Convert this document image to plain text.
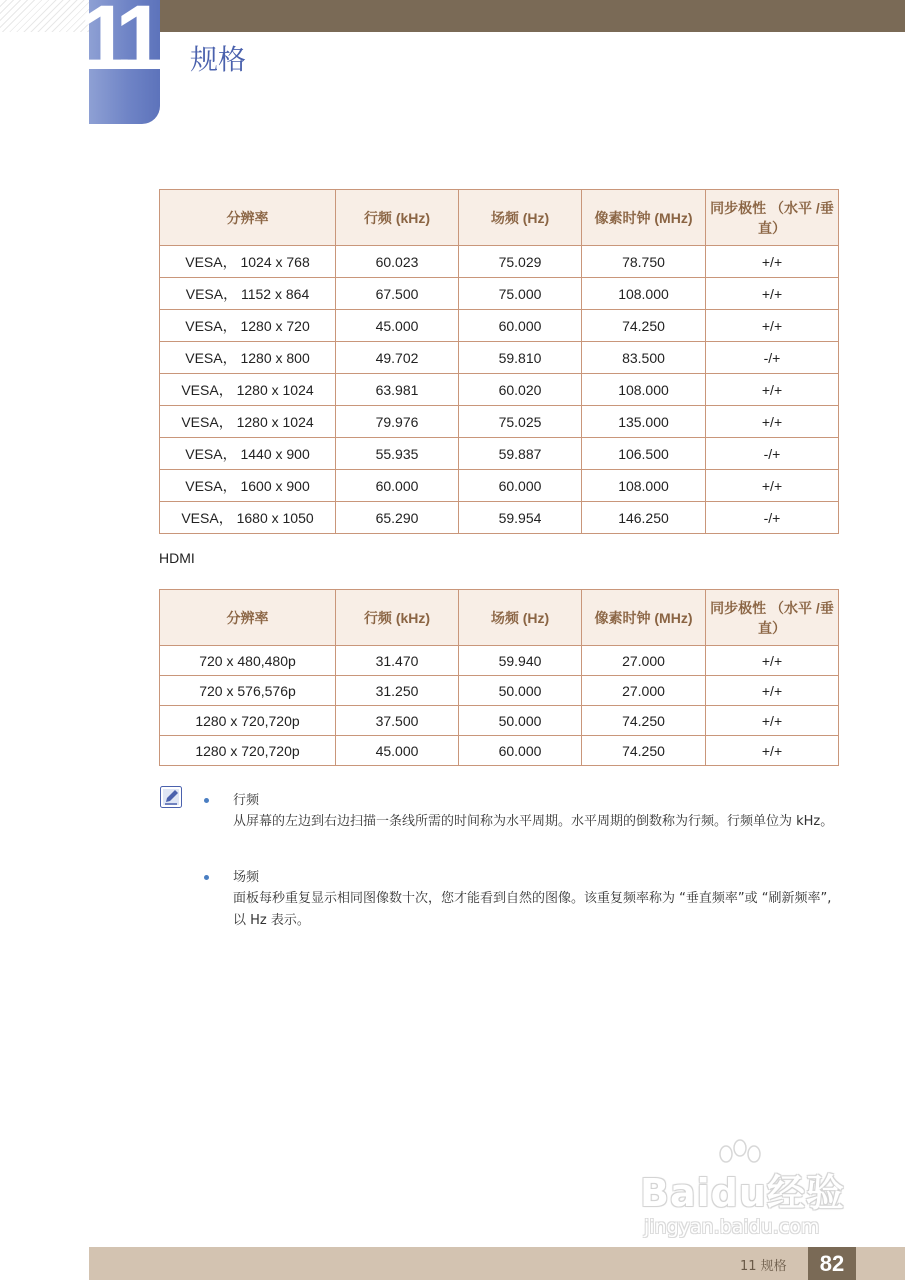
11 规格
分辨率	行频 (kHz)	场频 (Hz)	像素时钟 (MHz)	同步极性 （水平 /垂直）
VESA， 1024 x 768	60.023	75.029	78.750	+/+
VESA， 1152 x 864	67.500	75.000	108.000	+/+
VESA， 1280 x 720	45.000	60.000	74.250	+/+
VESA， 1280 x 800	49.702	59.810	83.500	-/+
VESA， 1280 x 1024	63.981	60.020	108.000	+/+
VESA， 1280 x 1024	79.976	75.025	135.000	+/+
VESA， 1440 x 900	55.935	59.887	106.500	-/+
VESA， 1600 x 900	60.000	60.000	108.000	+/+
VESA， 1680 x 1050	65.290	59.954	146.250	-/+
HDMI
分辨率	行频 (kHz)	场频 (Hz)	像素时钟 (MHz)	同步极性 （水平 /垂直）
720 x 480,480p	31.470	59.940	27.000	+/+
720 x 576,576p	31.250	50.000	27.000	+/+
1280 x 720,720p	37.500	50.000	74.250	+/+
1280 x 720,720p	45.000	60.000	74.250	+/+
行频

从屏幕的左边到右边扫描一条线所需的时间称为水平周期。水平周期的倒数称为行频。行频单位为 kHz。

场频

面板每秒重复显示相同图像数十次，您才能看到自然的图像。该重复频率称为 “垂直频率”或 “刷新频率”,以 Hz 表示。

Baidu经验
jingyan.baidu.com
11 规格	82
